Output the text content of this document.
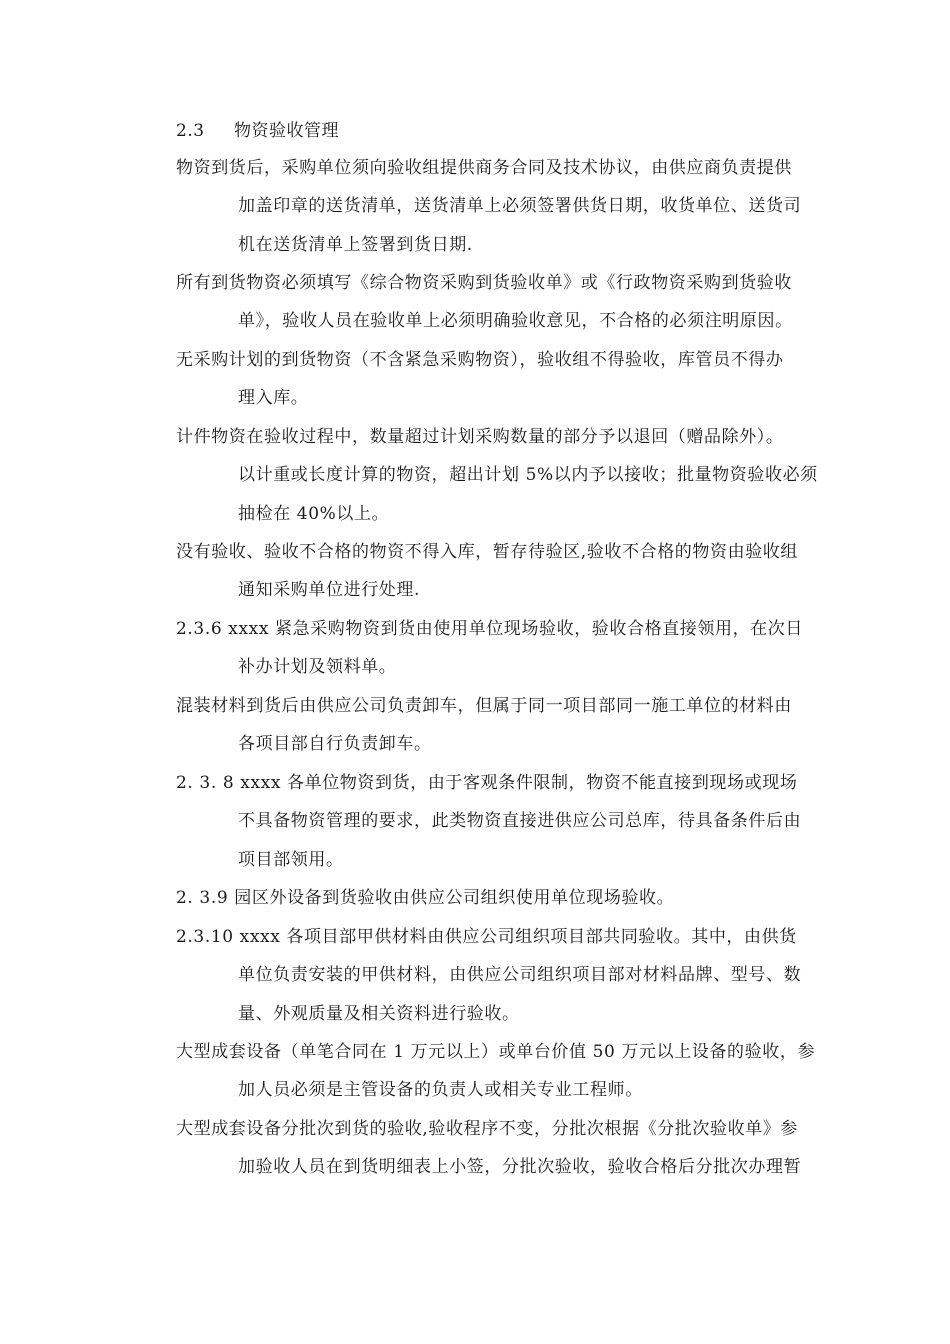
2.3 物资验收管理
物资到货后，采购单位须向验收组提供商务合同及技术协议，由供应商负责提供
加盖印章的送货清单，送货清单上必须签署供货日期，收货单位、送货司
机在送货清单上签署到货日期.
所有到货物资必须填写《综合物资采购到货验收单》或《行政物资采购到货验收
单》，验收人员在验收单上必须明确验收意见，不合格的必须注明原因。
无采购计划的到货物资（不含紧急采购物资），验收组不得验收，库管员不得办
理入库。
计件物资在验收过程中，数量超过计划采购数量的部分予以退回（赠品除外）。
以计重或长度计算的物资，超出计划 5%以内予以接收；批量物资验收必须
抽检在 40%以上。
没有验收、验收不合格的物资不得入库，暂存待验区,验收不合格的物资由验收组
通知采购单位进行处理.
2.3.6 xxxx 紧急采购物资到货由使用单位现场验收，验收合格直接领用，在次日
补办计划及领料单。
混装材料到货后由供应公司负责卸车，但属于同一项目部同一施工单位的材料由
各项目部自行负责卸车。
2. 3. 8 xxxx 各单位物资到货，由于客观条件限制，物资不能直接到现场或现场
不具备物资管理的要求，此类物资直接进供应公司总库，待具备条件后由
项目部领用。
2. 3.9 园区外设备到货验收由供应公司组织使用单位现场验收。
2.3.10 xxxx 各项目部甲供材料由供应公司组织项目部共同验收。其中，由供货
单位负责安装的甲供材料，由供应公司组织项目部对材料品牌、型号、数
量、外观质量及相关资料进行验收。
大型成套设备（单笔合同在 1 万元以上）或单台价值 50 万元以上设备的验收，参
加人员必须是主管设备的负责人或相关专业工程师。
大型成套设备分批次到货的验收,验收程序不变，分批次根据《分批次验收单》参
加验收人员在到货明细表上小签，分批次验收，验收合格后分批次办理暂
